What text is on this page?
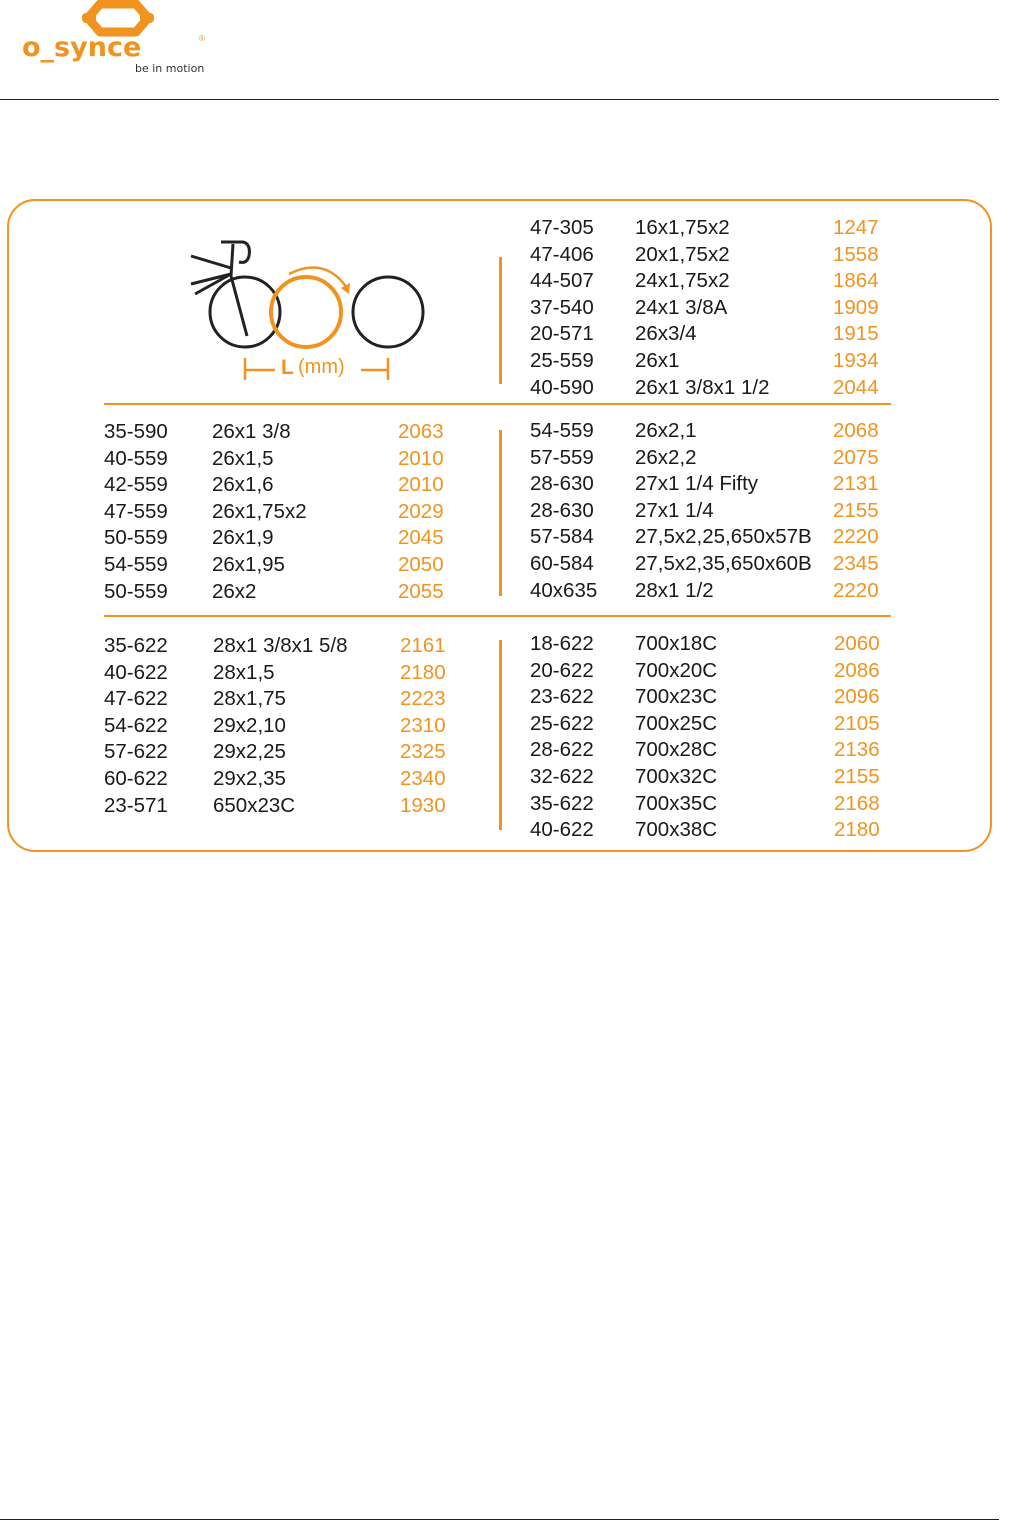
o_synce	®
be in motion
L (mm)
47-305 16x1,75x2	1247
47-406 20x1,75x2	1558
44-507 24x1,75x2	1864
37-540 24x1 3/8A	1909
20-571 26x3/4	1915
25-559 26x1	1934
40-590 26x1 3/8x1 1/2	2044
35-590 26x1 3/8	2063
40-559 26x1,5	2010
42-559 26x1,6	2010
47-559 26x1,75x2	2029
50-559 26x1,9	2045
54-559 26x1,95	2050
50-559 26x2	2055
54-559 26x2,1	2068
57-559 26x2,2	2075
28-630 27x1 1/4 Fifty	2131
28-630 27x1 1/4	2155
57-584 27,5x2,25,650x57B 2220
60-584 27,5x2,35,650x60B 2345
40x635 28x1 1/2	2220
35-622 28x1 3/8x1 5/8	2161
40-622 28x1,5	2180
47-622 28x1,75	2223
54-622 29x2,10	2310
57-622 29x2,25	2325
60-622 29x2,35	2340
23-571 650x23C	1930
18-622 700x18C	2060
20-622 700x20C	2086
23-622 700x23C	2096
25-622 700x25C	2105
28-622 700x28C	2136
32-622 700x32C	2155
35-622 700x35C	2168
40-622 700x38C	2180
